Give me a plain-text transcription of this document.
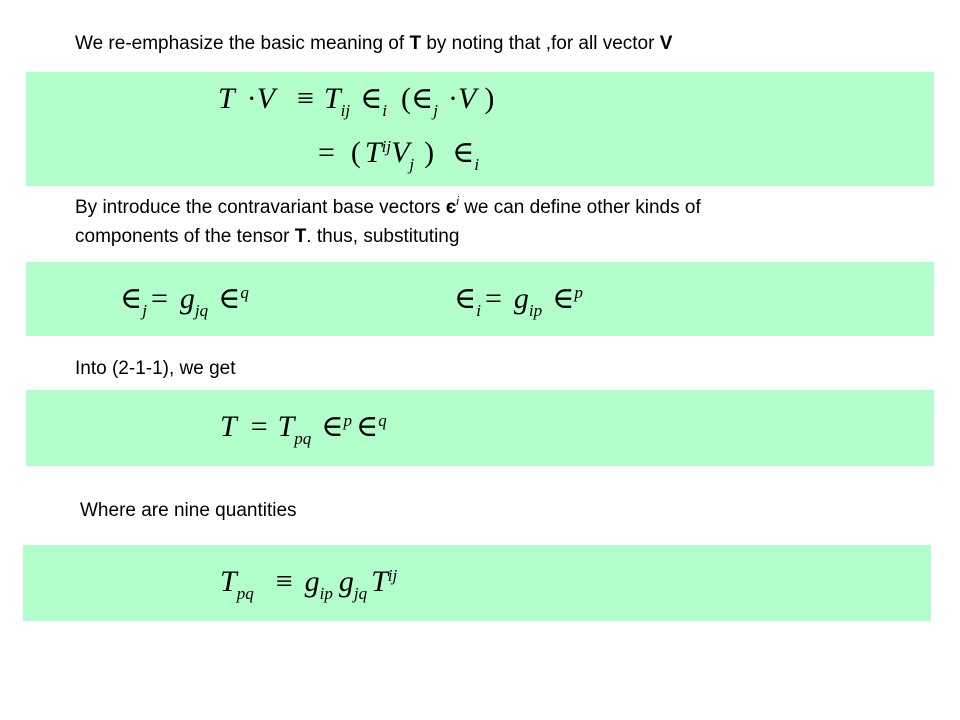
We re-emphasize the basic meaning of T by noting that ,for all vector V
$T \cdot V \equiv T_{ij}$ $\in_i$ ($\in_j \cdot V$ )
= ( $T^{ij}V_j$ ) $\in_i$
By introduce the contravariant base vectors $є^i$ we can define other kinds of
components of the tensor T. thus, substituting
$\in_j = g_{jq}$ ∈$^q$	$\in_i = g_{ip}$ ∈$^p$
Into (2-1-1), we get
$T = T_{pq}$ ∈$^p$ ∈$^q$
Where are nine quantities
$T_{pq} \equiv g_{ip}$ $g_{jq}$ $T^{ij}$
